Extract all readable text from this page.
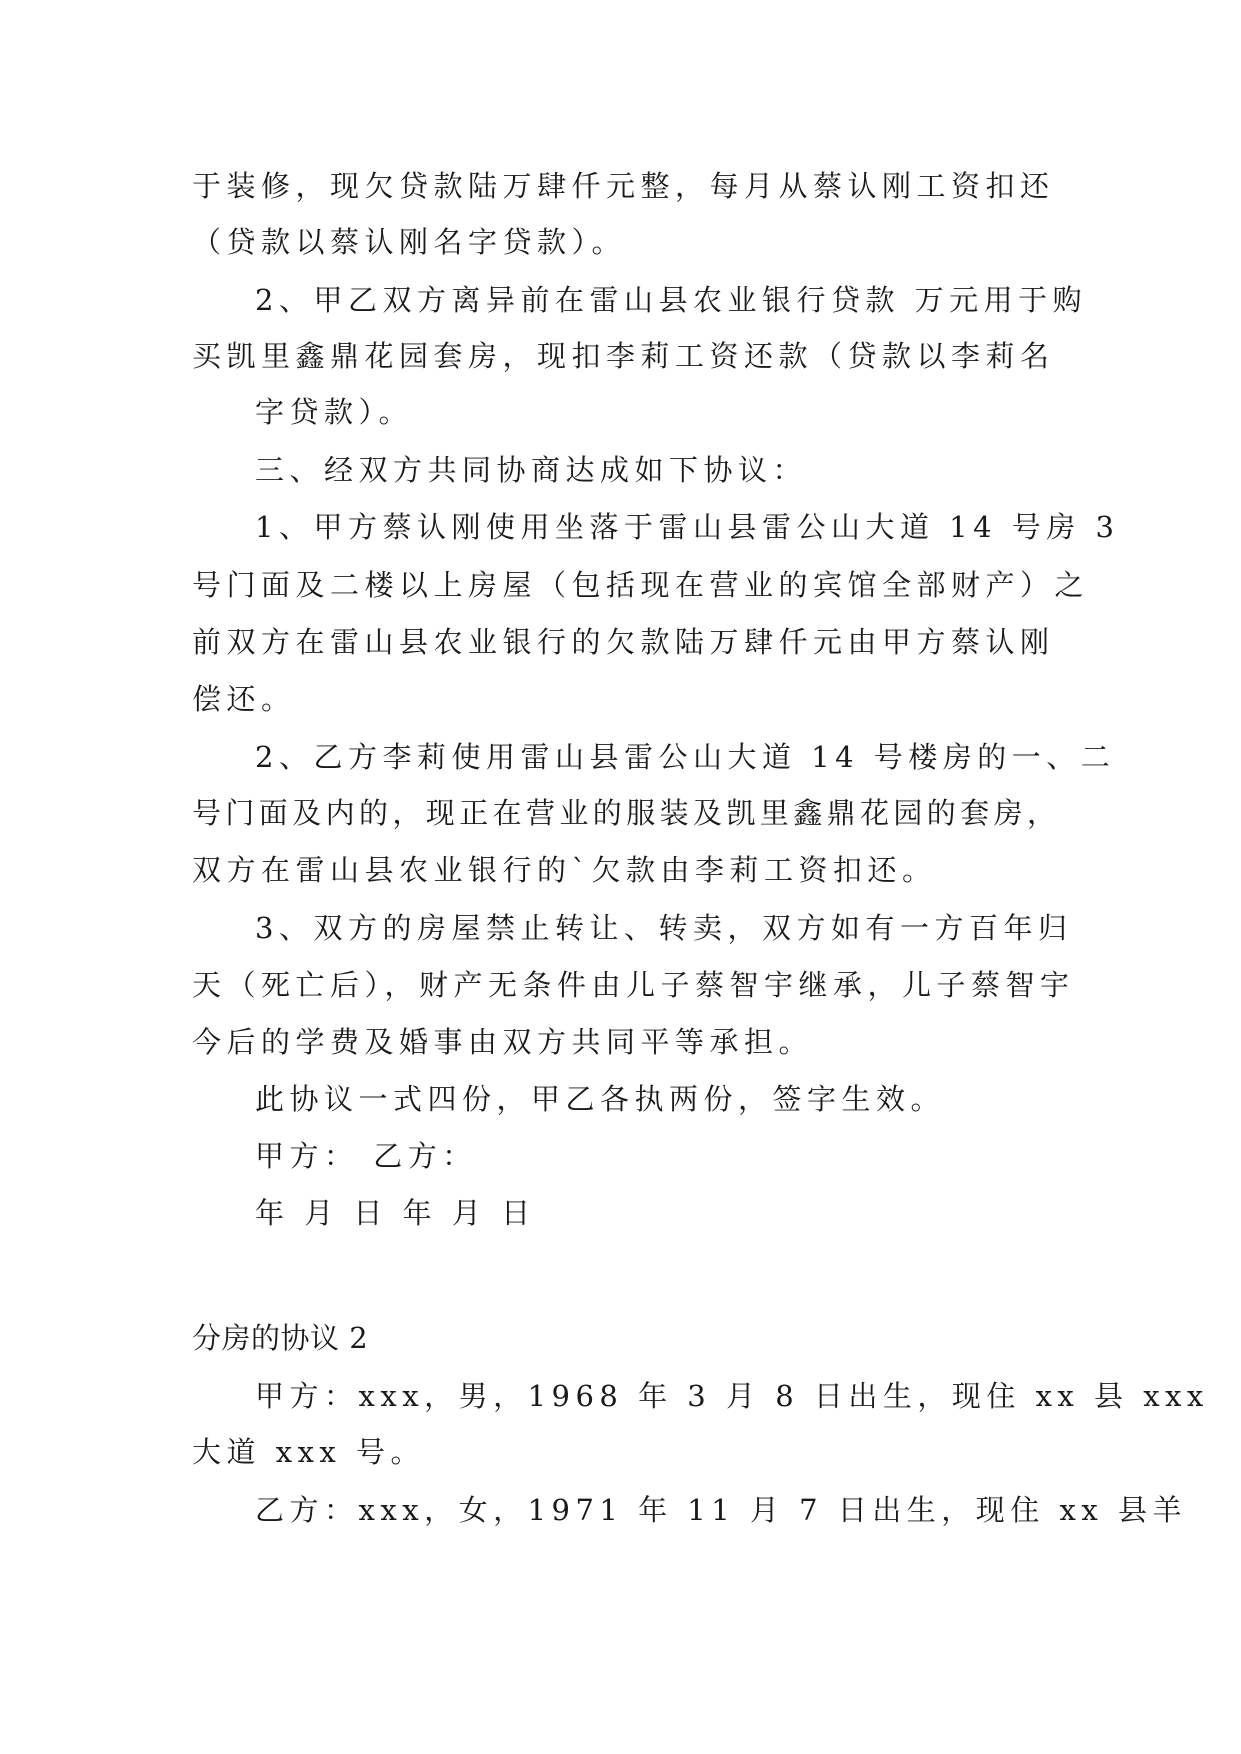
于装修，现欠贷款陆万肆仟元整，每月从蔡认刚工资扣还
（贷款以蔡认刚名字贷款）。
2、甲乙双方离异前在雷山县农业银行贷款 万元用于购
买凯里鑫鼎花园套房，现扣李莉工资还款（贷款以李莉名
字贷款）。
三、经双方共同协商达成如下协议：
1、甲方蔡认刚使用坐落于雷山县雷公山大道 14 号房 3
号门面及二楼以上房屋（包括现在营业的宾馆全部财产）之
前双方在雷山县农业银行的欠款陆万肆仟元由甲方蔡认刚
偿还。
2、乙方李莉使用雷山县雷公山大道 14 号楼房的一、二
号门面及内的，现正在营业的服装及凯里鑫鼎花园的套房，
双方在雷山县农业银行的`欠款由李莉工资扣还。
3、双方的房屋禁止转让、转卖，双方如有一方百年归
天（死亡后），财产无条件由儿子蔡智宇继承，儿子蔡智宇
今后的学费及婚事由双方共同平等承担。
此协议一式四份，甲乙各执两份，签字生效。
甲方： 乙方：
年 月 日 年 月 日
分房的协议 2
甲方：xxx，男，1968 年 3 月 8 日出生，现住 xx 县 xxx
大道 xxx 号。
乙方：xxx，女，1971 年 11 月 7 日出生，现住 xx 县羊
